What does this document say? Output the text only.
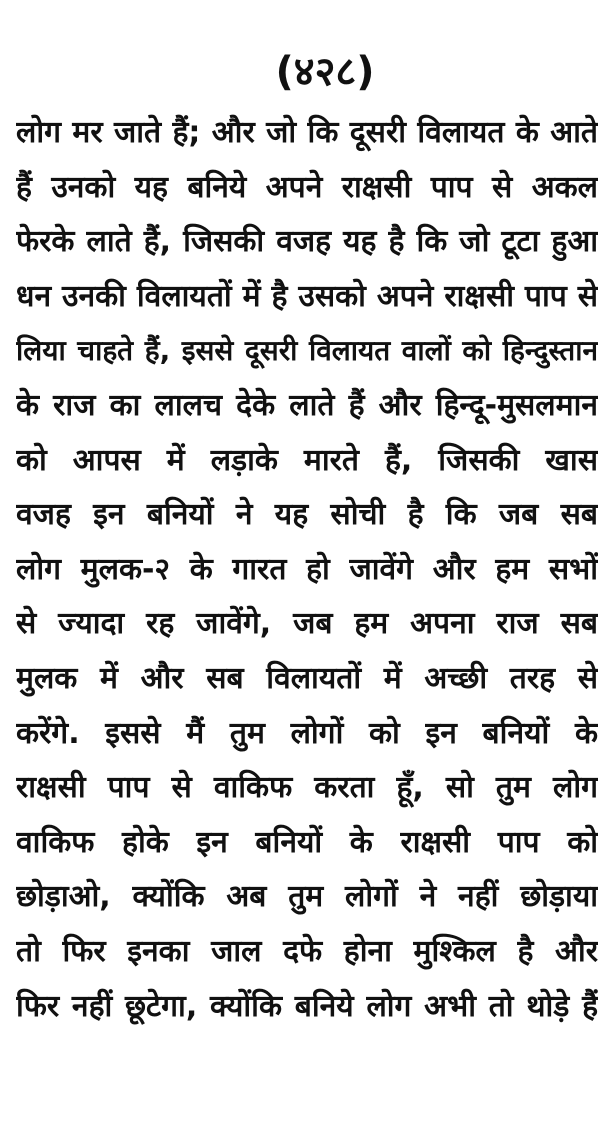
(४२८)
लोग मर जाते हैं; और जो कि दूसरी विलायत के आते
हैं उनको यह बनिये अपने राक्षसी पाप से अकल
फेरके लाते हैं, जिसकी वजह यह है कि जो टूटा हुआ
धन उनकी विलायतों में है उसको अपने राक्षसी पाप से
लिया चाहते हैं, इससे दूसरी विलायत वालों को हिन्दुस्तान
के राज का लालच देके लाते हैं और हिन्दू-मुसलमान
को आपस में लड़ाके मारते हैं, जिसकी खास
वजह इन बनियों ने यह सोची है कि जब सब
लोग मुलक-२ के गारत हो जावेंगे और हम सभों
से ज्यादा रह जावेंगे, जब हम अपना राज सब
मुलक में और सब विलायतों में अच्छी तरह से
करेंगे. इससे मैं तुम लोगों को इन बनियों के
राक्षसी पाप से वाकिफ करता हूँ, सो तुम लोग
वाकिफ होके इन बनियों के राक्षसी पाप को
छोड़ाओ, क्योंकि अब तुम लोगों ने नहीं छोड़ाया
तो फिर इनका जाल दफे होना मुश्किल है और
फिर नहीं छूटेगा, क्योंकि बनिये लोग अभी तो थोड़े हैं
